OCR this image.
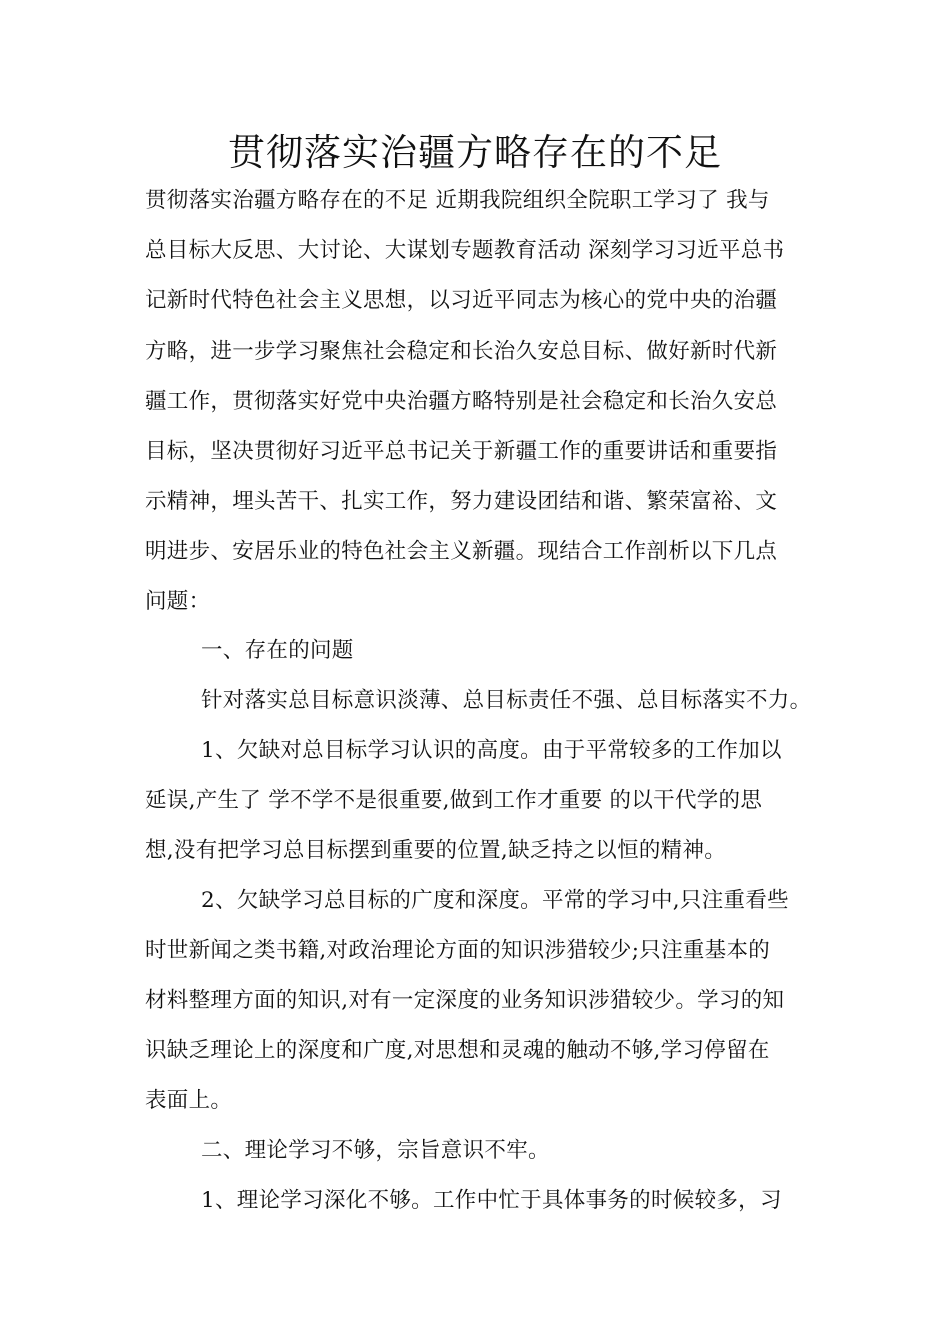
贯彻落实治疆方略存在的不足

贯彻落实治疆方略存在的不足 近期我院组织全院职工学习了 我与

总目标大反思、大讨论、大谋划专题教育活动 深刻学习习近平总书

记新时代特色社会主义思想，以习近平同志为核心的党中央的治疆

方略，进一步学习聚焦社会稳定和长治久安总目标、做好新时代新

疆工作，贯彻落实好党中央治疆方略特别是社会稳定和长治久安总

目标，坚决贯彻好习近平总书记关于新疆工作的重要讲话和重要指

示精神，埋头苦干、扎实工作，努力建设团结和谐、繁荣富裕、文

明进步、安居乐业的特色社会主义新疆。现结合工作剖析以下几点

问题：

一、存在的问题

针对落实总目标意识淡薄、总目标责任不强、总目标落实不力。

1、欠缺对总目标学习认识的高度。由于平常较多的工作加以

延误,产生了 学不学不是很重要,做到工作才重要 的以干代学的思

想,没有把学习总目标摆到重要的位置,缺乏持之以恒的精神。

2、欠缺学习总目标的广度和深度。平常的学习中,只注重看些

时世新闻之类书籍,对政治理论方面的知识涉猎较少;只注重基本的

材料整理方面的知识,对有一定深度的业务知识涉猎较少。学习的知

识缺乏理论上的深度和广度,对思想和灵魂的触动不够,学习停留在

表面上。

二、理论学习不够，宗旨意识不牢。

1、理论学习深化不够。工作中忙于具体事务的时候较多，习
